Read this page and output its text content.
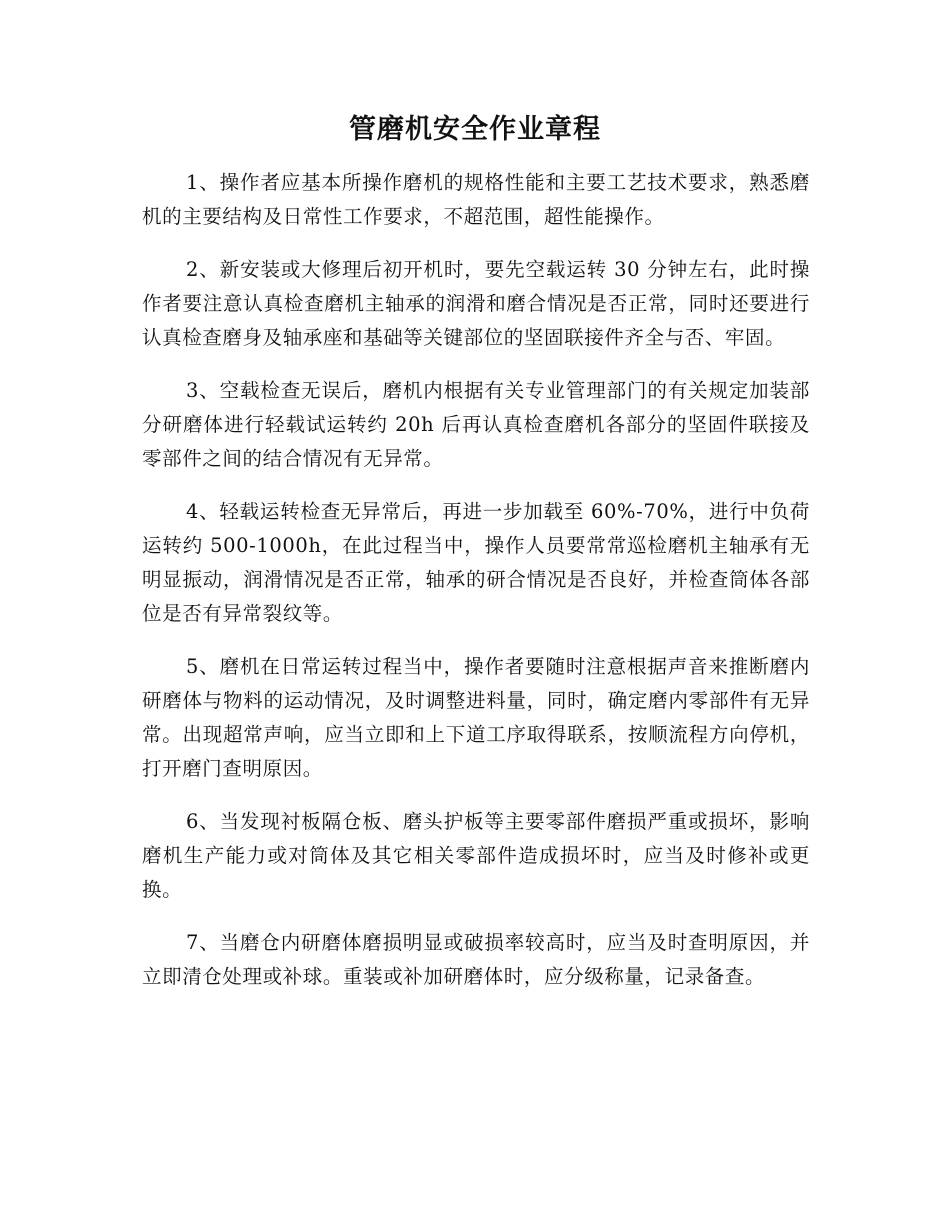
管磨机安全作业章程

1、操作者应基本所操作磨机的规格性能和主要工艺技术要求，熟悉磨机的主要结构及日常性工作要求，不超范围，超性能操作。

2、新安装或大修理后初开机时，要先空载运转 30 分钟左右，此时操作者要注意认真检查磨机主轴承的润滑和磨合情况是否正常，同时还要进行认真检查磨身及轴承座和基础等关键部位的坚固联接件齐全与否、牢固。

3、空载检查无误后，磨机内根据有关专业管理部门的有关规定加装部分研磨体进行轻载试运转约 20h 后再认真检查磨机各部分的坚固件联接及零部件之间的结合情况有无异常。

4、轻载运转检查无异常后，再进一步加载至 60%-70%，进行中负荷运转约 500-1000h，在此过程当中，操作人员要常常巡检磨机主轴承有无明显振动，润滑情况是否正常，轴承的研合情况是否良好，并检查筒体各部位是否有异常裂纹等。

5、磨机在日常运转过程当中，操作者要随时注意根据声音来推断磨内研磨体与物料的运动情况，及时调整进料量，同时，确定磨内零部件有无异常。出现超常声响，应当立即和上下道工序取得联系，按顺流程方向停机，打开磨门查明原因。

6、当发现衬板隔仓板、磨头护板等主要零部件磨损严重或损坏，影响磨机生产能力或对筒体及其它相关零部件造成损坏时，应当及时修补或更换。

7、当磨仓内研磨体磨损明显或破损率较高时，应当及时查明原因，并立即清仓处理或补球。重装或补加研磨体时，应分级称量，记录备查。
